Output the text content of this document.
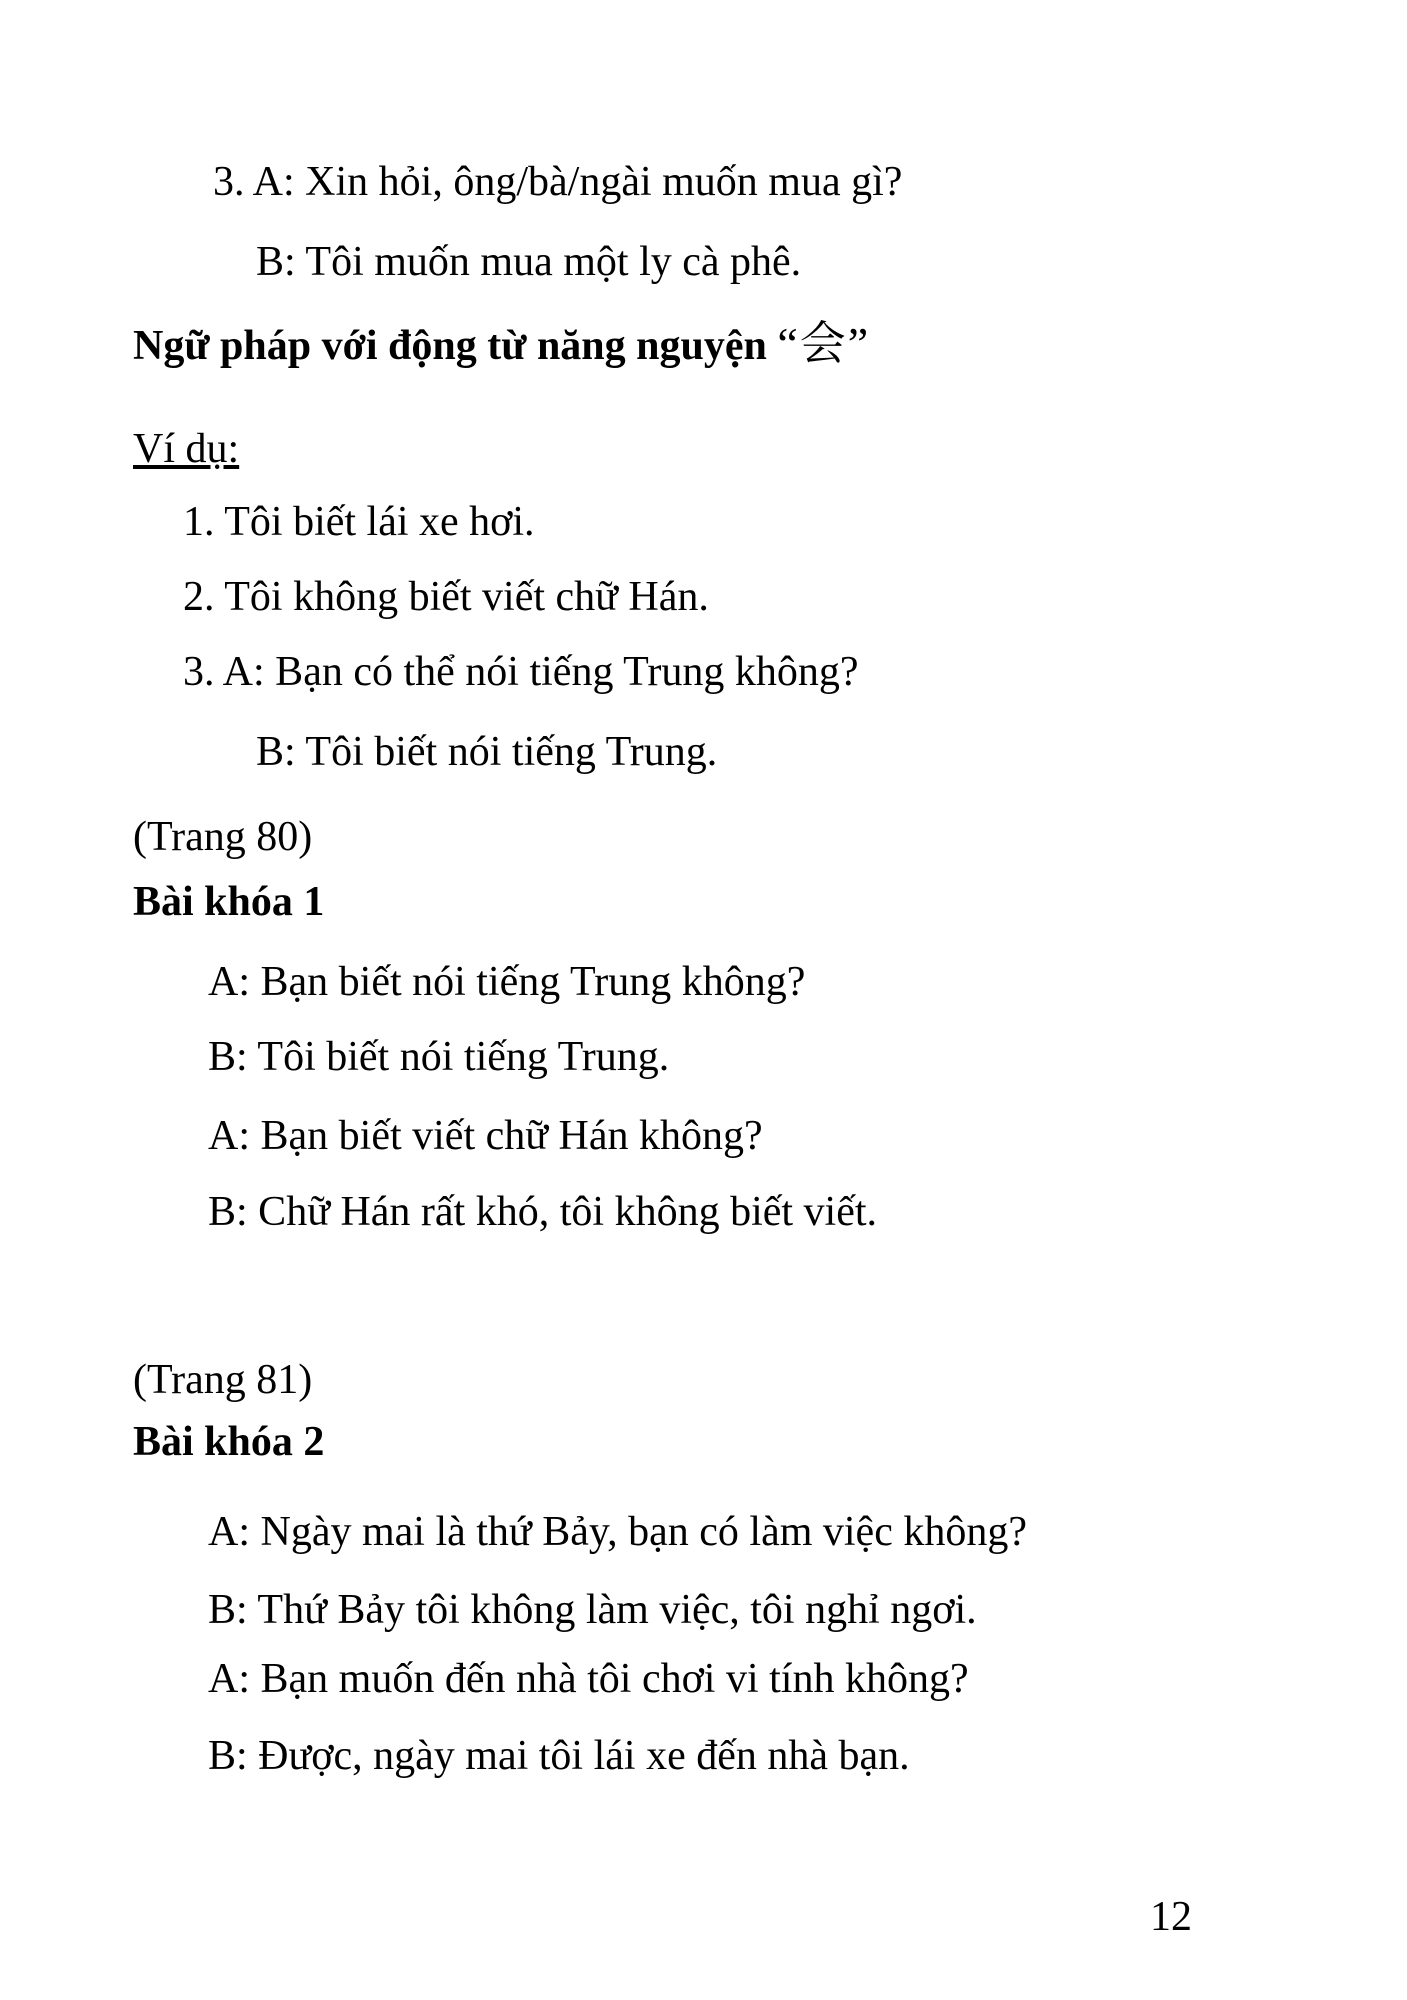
3. A: Xin hỏi, ông/bà/ngài muốn mua gì?
B: Tôi muốn mua một ly cà phê.
Ngữ pháp với động từ năng nguyện “会”
Ví dụ:
1. Tôi biết lái xe hơi.
2. Tôi không biết viết chữ Hán.
3. A: Bạn có thể nói tiếng Trung không?
B: Tôi biết nói tiếng Trung.
(Trang 80)
Bài khóa 1
A: Bạn biết nói tiếng Trung không?
B: Tôi biết nói tiếng Trung.
A: Bạn biết viết chữ Hán không?
B: Chữ Hán rất khó, tôi không biết viết.
(Trang 81)
Bài khóa 2
A: Ngày mai là thứ Bảy, bạn có làm việc không?
B: Thứ Bảy tôi không làm việc, tôi nghỉ ngơi.
A: Bạn muốn đến nhà tôi chơi vi tính không?
B: Được, ngày mai tôi lái xe đến nhà bạn.
12
